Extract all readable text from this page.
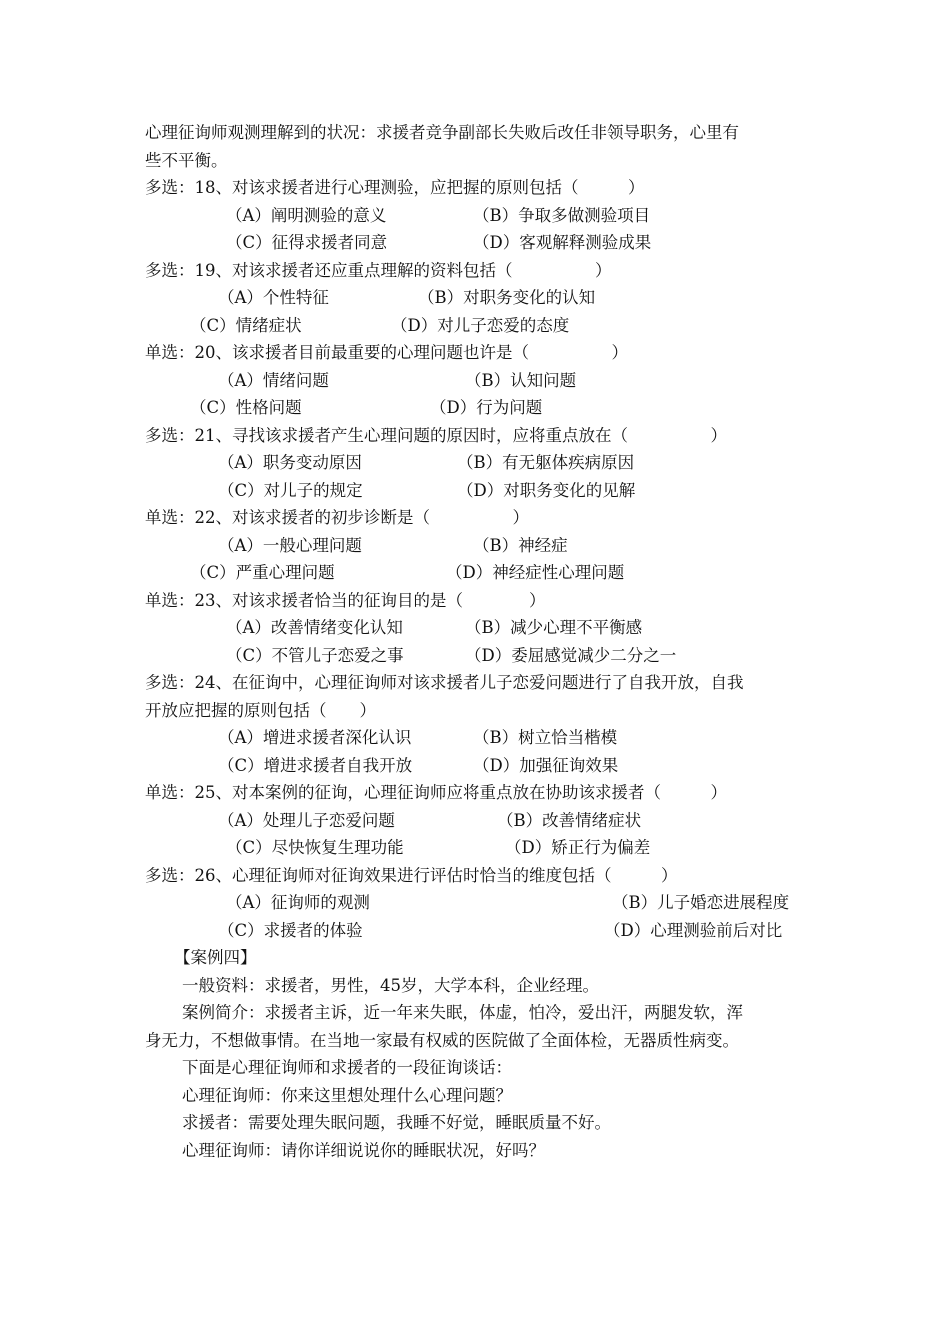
心理征询师观测理解到的状况：求援者竞争副部长失败后改任非领导职务，心里有
些不平衡。
多选：18、对该求援者进行心理测验，应把握的原则包括（　　　）
（A）阐明测验的意义	（B）争取多做测验项目
（C）征得求援者同意	（D）客观解释测验成果
多选：19、对该求援者还应重点理解的资料包括（　　　　　）
（A）个性特征	（B）对职务变化的认知
（C）情绪症状	（D）对儿子恋爱的态度
单选：20、该求援者目前最重要的心理问题也许是（　　　　　）
（A）情绪问题	（B）认知问题
（C）性格问题	（D）行为问题
多选：21、寻找该求援者产生心理问题的原因时，应将重点放在（　　　　　）
（A）职务变动原因	（B）有无躯体疾病原因
（C）对儿子的规定	（D）对职务变化的见解
单选：22、对该求援者的初步诊断是（　　　　　）
（A）一般心理问题	（B）神经症
（C）严重心理问题	（D）神经症性心理问题
单选：23、对该求援者恰当的征询目的是（　　　　）
（A）改善情绪变化认知	（B）减少心理不平衡感
（C）不管儿子恋爱之事	（D）委屈感觉减少二分之一
多选：24、在征询中，心理征询师对该求援者儿子恋爱问题进行了自我开放，自我
开放应把握的原则包括（　　）
（A）增进求援者深化认识	（B）树立恰当楷模
（C）增进求援者自我开放	（D）加强征询效果
单选：25、对本案例的征询，心理征询师应将重点放在协助该求援者（　　　）
（A）处理儿子恋爱问题	（B）改善情绪症状
（C）尽快恢复生理功能	（D）矫正行为偏差
多选：26、心理征询师对征询效果进行评估时恰当的维度包括（　　　）
（A）征询师的观测	（B）儿子婚恋进展程度
（C）求援者的体验	（D）心理测验前后对比
【案例四】
一般资料：求援者，男性，45岁，大学本科，企业经理。
案例简介：求援者主诉，近一年来失眠，体虚，怕冷，爱出汗，两腿发软，浑
身无力，不想做事情。在当地一家最有权威的医院做了全面体检，无器质性病变。
下面是心理征询师和求援者的一段征询谈话：
心理征询师：你来这里想处理什么心理问题？
求援者：需要处理失眠问题，我睡不好觉，睡眠质量不好。
心理征询师：请你详细说说你的睡眠状况，好吗？
